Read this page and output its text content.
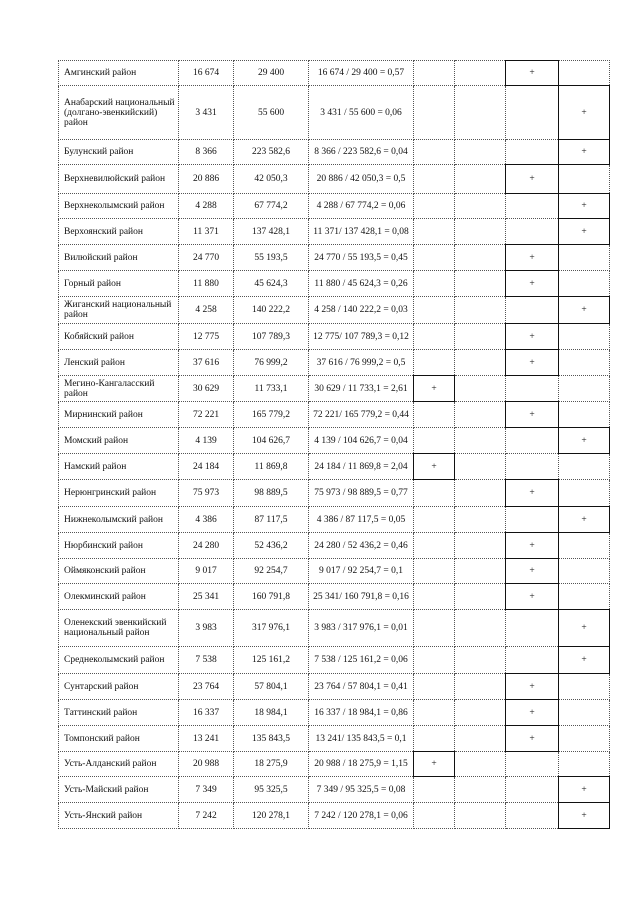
Амгинский район	16 674	29 400	16 674 / 29 400 = 0,57			+	
Анабарский национальный (долгано-эвенкийский) район	3 431	55 600	3 431 / 55 600 = 0,06				+
Булунский район	8 366	223 582,6	8 366 / 223 582,6 = 0,04				+
Верхневилюйский район	20 886	42 050,3	20 886 / 42 050,3 = 0,5			+	
Верхнеколымский район	4 288	67 774,2	4 288 / 67 774,2 = 0,06				+
Верхоянский район	11 371	137 428,1	11 371/ 137 428,1 = 0,08				+
Вилюйский район	24 770	55 193,5	24 770 / 55 193,5 = 0,45			+	
Горный район	11 880	45 624,3	11 880 / 45 624,3 = 0,26			+	
Жиганский национальный район	4 258	140 222,2	4 258 / 140 222,2 = 0,03				+
Кобяйский район	12 775	107 789,3	12 775/ 107 789,3 = 0,12			+	
Ленский район	37 616	76 999,2	37 616 / 76 999,2 = 0,5			+	
Мегино-Кангаласский район	30 629	11 733,1	30 629 / 11 733,1 = 2,61	+			
Мирнинский район	72 221	165 779,2	72 221/ 165 779,2 = 0,44			+	
Момский район	4 139	104 626,7	4 139 / 104 626,7 = 0,04				+
Намский район	24 184	11 869,8	24 184 / 11 869,8 = 2,04	+			
Нерюнгринский район	75 973	98 889,5	75 973 / 98 889,5 = 0,77			+	
Нижнеколымский район	4 386	87 117,5	4 386 / 87 117,5 = 0,05				+
Нюрбинский район	24 280	52 436,2	24 280 / 52 436,2 = 0,46			+	
Оймяконский район	9 017	92 254,7	9 017 / 92 254,7 = 0,1			+	
Олекминский район	25 341	160 791,8	25 341/ 160 791,8 = 0,16			+	
Оленекский эвенкийский национальный район	3 983	317 976,1	3 983 / 317 976,1 = 0,01				+
Среднеколымский район	7 538	125 161,2	7 538 / 125 161,2 = 0,06				+
Сунтарский район	23 764	57 804,1	23 764 / 57 804,1 = 0,41			+	
Таттинский район	16 337	18 984,1	16 337 / 18 984,1 = 0,86			+	
Томпонский район	13 241	135 843,5	13 241/ 135 843,5 = 0,1			+	
Усть-Алданский район	20 988	18 275,9	20 988 / 18 275,9 = 1,15	+			
Усть-Майский район	7 349	95 325,5	7 349 / 95 325,5 = 0,08				+
Усть-Янский район	7 242	120 278,1	7 242 / 120 278,1 = 0,06				+
